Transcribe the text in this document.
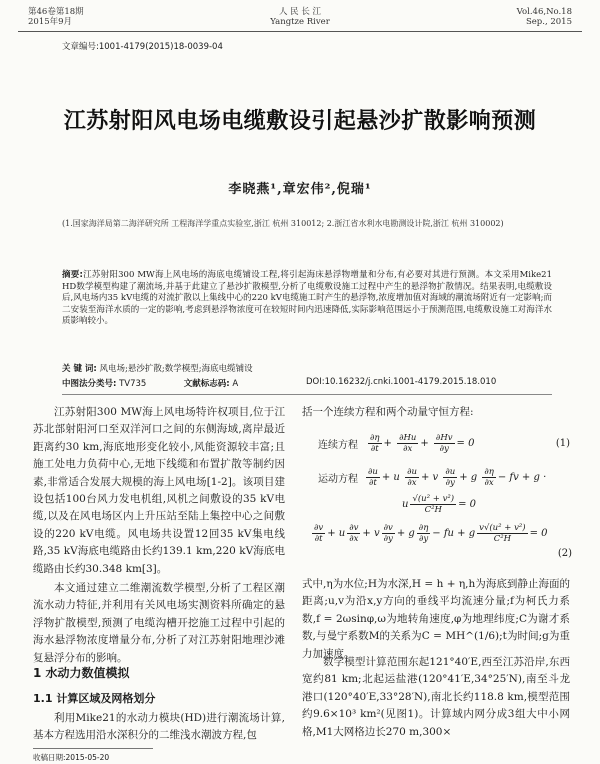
第46卷第18期
2015年9月
人 民 长 江
Yangtze River
Vol.46,No.18
Sep., 2015
文章编号:1001-4179(2015)18-0039-04
江苏射阳风电场电缆敷设引起悬沙扩散影响预测
李晓燕¹,章宏伟²,倪瑞¹
(1.国家海洋局第二海洋研究所 工程海洋学重点实验室,浙江 杭州 310012; 2.浙江省水利水电勘测设计院,浙江 杭州 310002)
摘要:江苏射阳300 MW海上风电场的海底电缆铺设工程,将引起海床悬浮物增量和分布,有必要对其进行预测。本文采用Mike21 HD数学模型构建了潮流场,并基于此建立了悬沙扩散模型,分析了电缆敷设施工过程中产生的悬浮物扩散情况。结果表明,电缆敷设后,风电场内35 kV电缆的对流扩散以上集线中心的220 kV电缆施工时产生的悬浮物,浓度增加值对海域的潮流场附近有一定影响;而二安装至海洋水质的一定的影响,考虑到悬浮物浓度可在较短时间内迅速降低,实际影响范围远小于预测范围,电缆敷设施工对海洋水质影响较小。
关 键 词: 风电场;悬沙扩散;数学模型;海底电缆铺设
中图法分类号: TV735	文献标志码: A	DOI:10.16232/j.cnki.1001-4179.2015.18.010
江苏射阳300 MW海上风电场特许权项目,位于江苏北部射阳河口至双洋河口之间的东侧海域,离岸最近距离约30 km,海底地形变化较小,风能资源较丰富;且施工处电力负荷中心,无地下线缆和布置扩散等制约因素,非常适合发展大规模的海上风电场[1-2]。该项目建设包括100台风力发电机组,风机之间敷设的35 kV电缆,以及在风电场区内上升压站至陆上集控中心之间敷设的220 kV电缆。风电场共设置12回35 kV集电线路,35 kV海底电缆路由长约139.1 km,220 kV海底电缆路由长约30.348 km[3]。
本文通过建立二维潮流数学模型,分析了工程区潮流水动力特征,并利用有关风电场实测资料所确定的悬浮物扩散模型,预测了电缆沟槽开挖施工过程中引起的海水悬浮物浓度增量分布,分析了对江苏射阳地理沙滩复悬浮分布的影响。
1 水动力数值模拟
1.1 计算区域及网格划分
利用Mike21的水动力模块(HD)进行潮流场计算,基本方程选用沿水深积分的二维浅水潮波方程,包
收稿日期:2015-05-20
括一个连续方程和两个动量守恒方程:
连续方程 $\frac{\partial\eta}{\partial t} + \frac{\partial Hu}{\partial x} + \frac{\partial Hv}{\partial y} = 0$	(1)
运动方程 $\frac{\partial u}{\partial t} + u \frac{\partial u}{\partial x} + v \frac{\partial u}{\partial y} + g \frac{\partial\eta}{\partial x}$ − fv + g ·
u $\frac{\text{√(u² + v²)}}{\text{C²H}} = 0$
$\frac{\partial v}{\partial t} + u \frac{\partial v}{\partial x} + v \frac{\partial v}{\partial y} + g \frac{\partial\eta}{\partial y}$ − fu + g $\frac{\text{v√(u² + v²)}}{\text{C²H}} = 0$
(2)
式中,η为水位;H为水深,H = h + η,h为海底到静止海面的距离;u,v为沿x,y方向的垂线平均流速分量;f为柯氏力系数,f = 2ωsinφ,ω为地转角速度,φ为地理纬度;C为谢才系数,与曼宁系数M的关系为C = MH^(1/6);t为时间;g为重力加速度。
数学模型计算范围东起121°40′E,西至江苏沿岸,东西宽约81 km;北起运盐港(120°41′E,34°25′N),南至斗龙港口(120°40′E,33°28′N),南北长约118.8 km,模型范围约9.6×10³ km²(见图1)。计算域内网分成3组大中小网格,M1大网格边长270 m,300×
